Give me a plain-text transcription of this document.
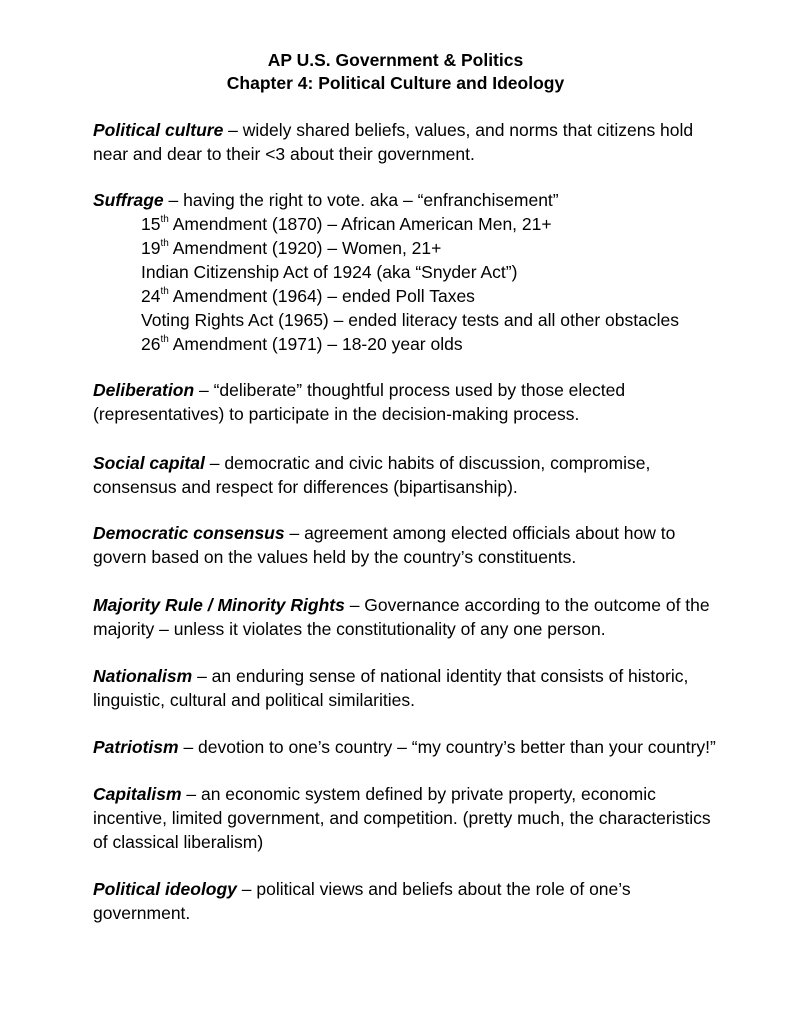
AP U.S. Government & Politics
Chapter 4: Political Culture and Ideology
Political culture – widely shared beliefs, values, and norms that citizens hold near and dear to their <3 about their government.
Suffrage – having the right to vote. aka – “enfranchisement”
15th Amendment (1870) – African American Men, 21+
19th Amendment (1920) – Women, 21+
Indian Citizenship Act of 1924 (aka “Snyder Act”)
24th Amendment (1964) – ended Poll Taxes
Voting Rights Act (1965) – ended literacy tests and all other obstacles
26th Amendment (1971) – 18-20 year olds
Deliberation – “deliberate” thoughtful process used by those elected (representatives) to participate in the decision-making process.
Social capital – democratic and civic habits of discussion, compromise, consensus and respect for differences (bipartisanship).
Democratic consensus – agreement among elected officials about how to govern based on the values held by the country’s constituents.
Majority Rule / Minority Rights – Governance according to the outcome of the majority – unless it violates the constitutionality of any one person.
Nationalism – an enduring sense of national identity that consists of historic, linguistic, cultural and political similarities.
Patriotism – devotion to one’s country – “my country’s better than your country!”
Capitalism – an economic system defined by private property, economic incentive, limited government, and competition. (pretty much, the characteristics of classical liberalism)
Political ideology – political views and beliefs about the role of one’s government.
